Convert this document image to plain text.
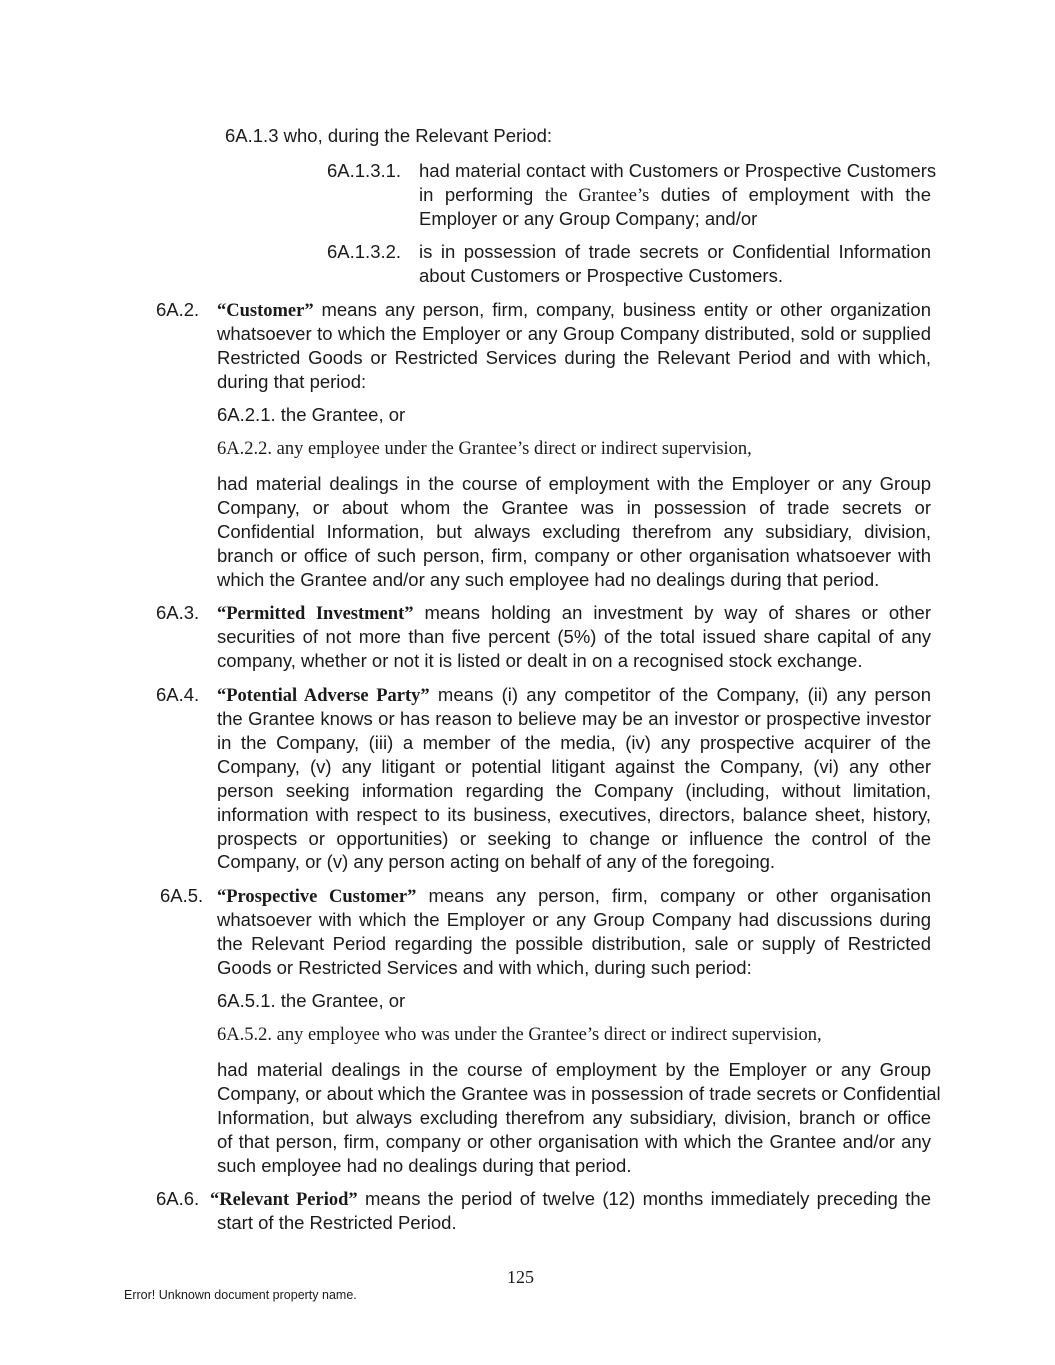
6A.1.3 who, during the Relevant Period:
6A.1.3.1. had material contact with Customers or Prospective Customers
in performing the Grantee’s duties of employment with the
Employer or any Group Company; and/or
6A.1.3.2. is in possession of trade secrets or Confidential Information
about Customers or Prospective Customers.
6A.2. “Customer” means any person, firm, company, business entity or other organization
whatsoever to which the Employer or any Group Company distributed, sold or supplied
Restricted Goods or Restricted Services during the Relevant Period and with which,
during that period:
6A.2.1. the Grantee, or
6A.2.2. any employee under the Grantee’s direct or indirect supervision,
had material dealings in the course of employment with the Employer or any Group
Company, or about whom the Grantee was in possession of trade secrets or
Confidential Information, but always excluding therefrom any subsidiary, division,
branch or office of such person, firm, company or other organisation whatsoever with
which the Grantee and/or any such employee had no dealings during that period.
6A.3. “Permitted Investment” means holding an investment by way of shares or other
securities of not more than five percent (5%) of the total issued share capital of any
company, whether or not it is listed or dealt in on a recognised stock exchange.
6A.4. “Potential Adverse Party” means (i) any competitor of the Company, (ii) any person
the Grantee knows or has reason to believe may be an investor or prospective investor
in the Company, (iii) a member of the media, (iv) any prospective acquirer of the
Company, (v) any litigant or potential litigant against the Company, (vi) any other
person seeking information regarding the Company (including, without limitation,
information with respect to its business, executives, directors, balance sheet, history,
prospects or opportunities) or seeking to change or influence the control of the
Company, or (v) any person acting on behalf of any of the foregoing.
6A.5. “Prospective Customer” means any person, firm, company or other organisation
whatsoever with which the Employer or any Group Company had discussions during
the Relevant Period regarding the possible distribution, sale or supply of Restricted
Goods or Restricted Services and with which, during such period:
6A.5.1. the Grantee, or
6A.5.2. any employee who was under the Grantee’s direct or indirect supervision,
had material dealings in the course of employment by the Employer or any Group
Company, or about which the Grantee was in possession of trade secrets or Confidential
Information, but always excluding therefrom any subsidiary, division, branch or office
of that person, firm, company or other organisation with which the Grantee and/or any
such employee had no dealings during that period.
6A.6. “Relevant Period” means the period of twelve (12) months immediately preceding the
start of the Restricted Period.
125
Error! Unknown document property name.
